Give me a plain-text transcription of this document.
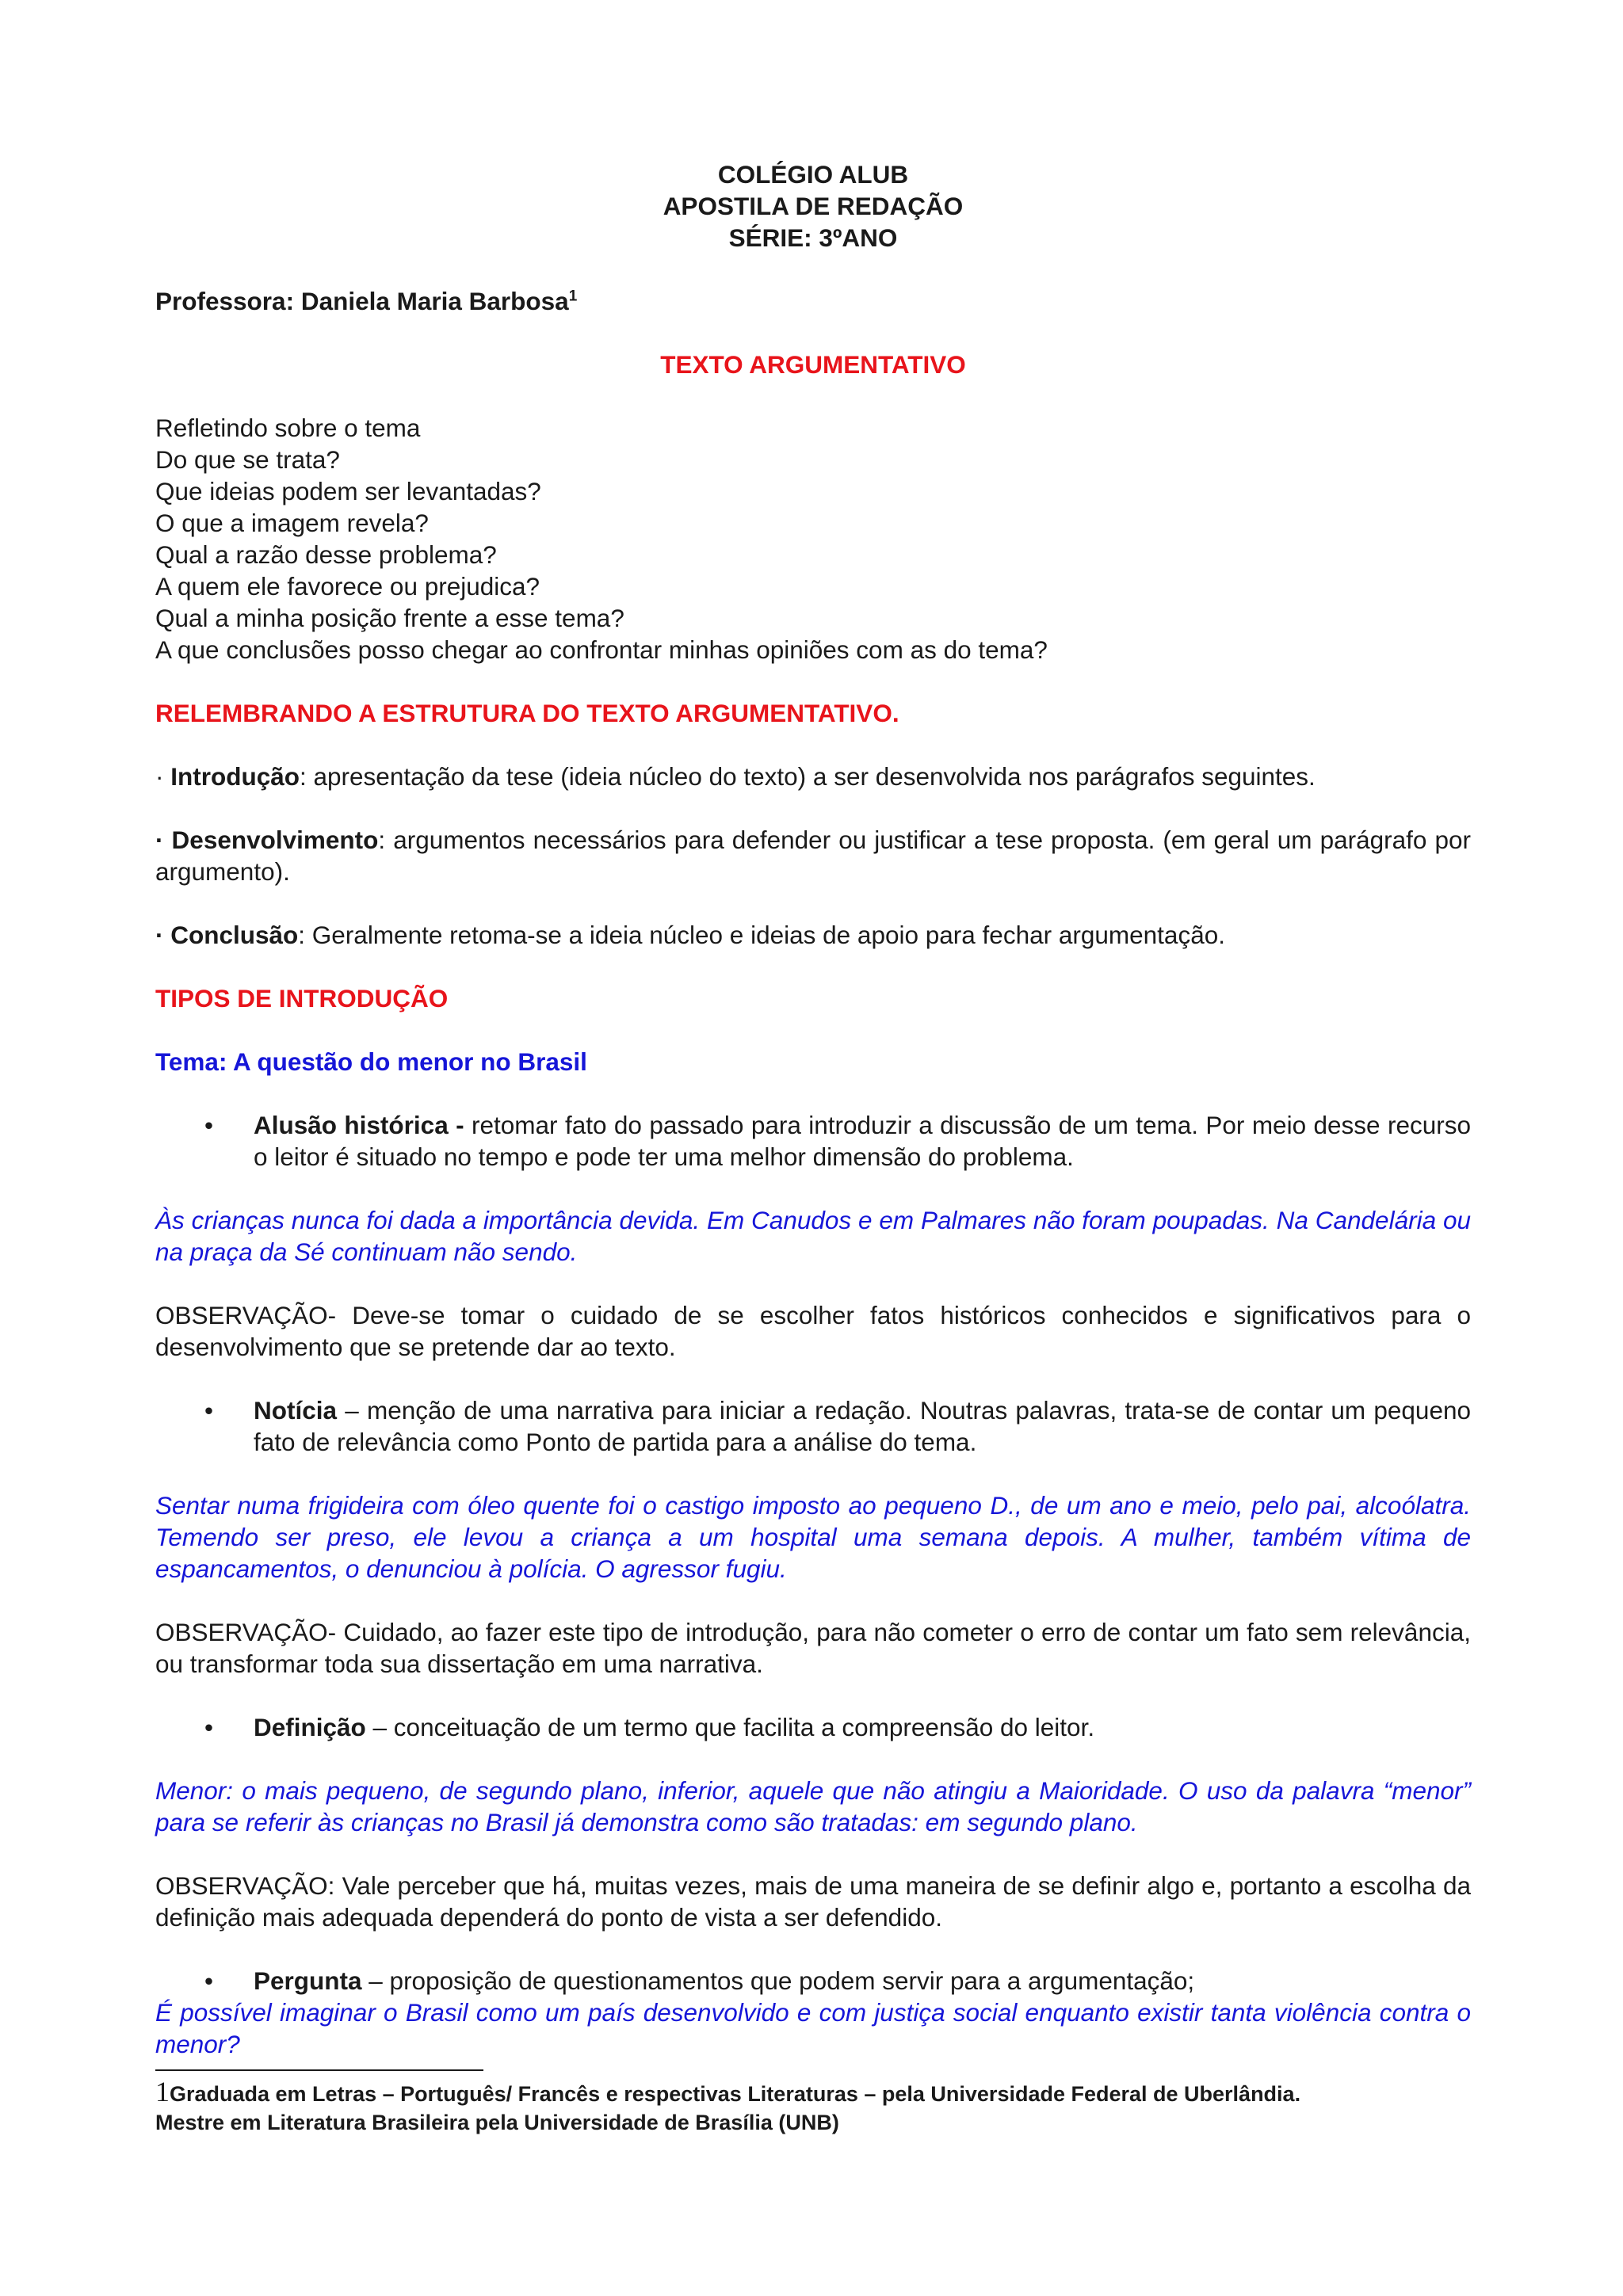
COLÉGIO ALUB

APOSTILA DE REDAÇÃO

SÉRIE: 3ºANO

Professora: Daniela Maria Barbosa$^1$

TEXTO ARGUMENTATIVO

Refletindo sobre o tema

Do que se trata?

Que ideias podem ser levantadas?

O que a imagem revela?

Qual a razão desse problema?

A quem ele favorece ou prejudica?

Qual a minha posição frente a esse tema?

A que conclusões posso chegar ao confrontar minhas opiniões com as do tema?

RELEMBRANDO A ESTRUTURA DO TEXTO ARGUMENTATIVO.

· Introdução: apresentação da tese (ideia núcleo do texto) a ser desenvolvida nos parágrafos seguintes.

· Desenvolvimento: argumentos necessários para defender ou justificar a tese proposta. (em geral um parágrafo por argumento).

· Conclusão: Geralmente retoma-se a ideia núcleo e ideias de apoio para fechar argumentação.

TIPOS DE INTRODUÇÃO

Tema: A questão do menor no Brasil

•	Alusão histórica - retomar fato do passado para introduzir a discussão de um tema. Por meio desse recurso o leitor é situado no tempo e pode ter uma melhor dimensão do problema.

Às crianças nunca foi dada a importância devida. Em Canudos e em Palmares não foram poupadas. Na Candelária ou na praça da Sé continuam não sendo.

OBSERVAÇÃO- Deve-se tomar o cuidado de se escolher fatos históricos conhecidos e significativos para o desenvolvimento que se pretende dar ao texto.

•	Notícia – menção de uma narrativa para iniciar a redação. Noutras palavras, trata-se de contar um pequeno fato de relevância como Ponto de partida para a análise do tema.

Sentar numa frigideira com óleo quente foi o castigo imposto ao pequeno D., de um ano e meio, pelo pai, alcoólatra. Temendo ser preso, ele levou a criança a um hospital uma semana depois. A mulher, também vítima de espancamentos, o denunciou à polícia. O agressor fugiu.

OBSERVAÇÃO- Cuidado, ao fazer este tipo de introdução, para não cometer o erro de contar um fato sem relevância, ou transformar toda sua dissertação em uma narrativa.

•	Definição – conceituação de um termo que facilita a compreensão do leitor.

Menor: o mais pequeno, de segundo plano, inferior, aquele que não atingiu a Maioridade. O uso da palavra “menor” para se referir às crianças no Brasil já demonstra como são tratadas: em segundo plano.

OBSERVAÇÃO: Vale perceber que há, muitas vezes, mais de uma maneira de se definir algo e, portanto a escolha da definição mais adequada dependerá do ponto de vista a ser defendido.

•	Pergunta – proposição de questionamentos que podem servir para a argumentação;

É possível imaginar o Brasil como um país desenvolvido e com justiça social enquanto existir tanta violência contra o menor?

1Graduada em Letras – Português/ Francês e respectivas Literaturas – pela Universidade Federal de Uberlândia.

Mestre em Literatura Brasileira pela Universidade de Brasília (UNB)
